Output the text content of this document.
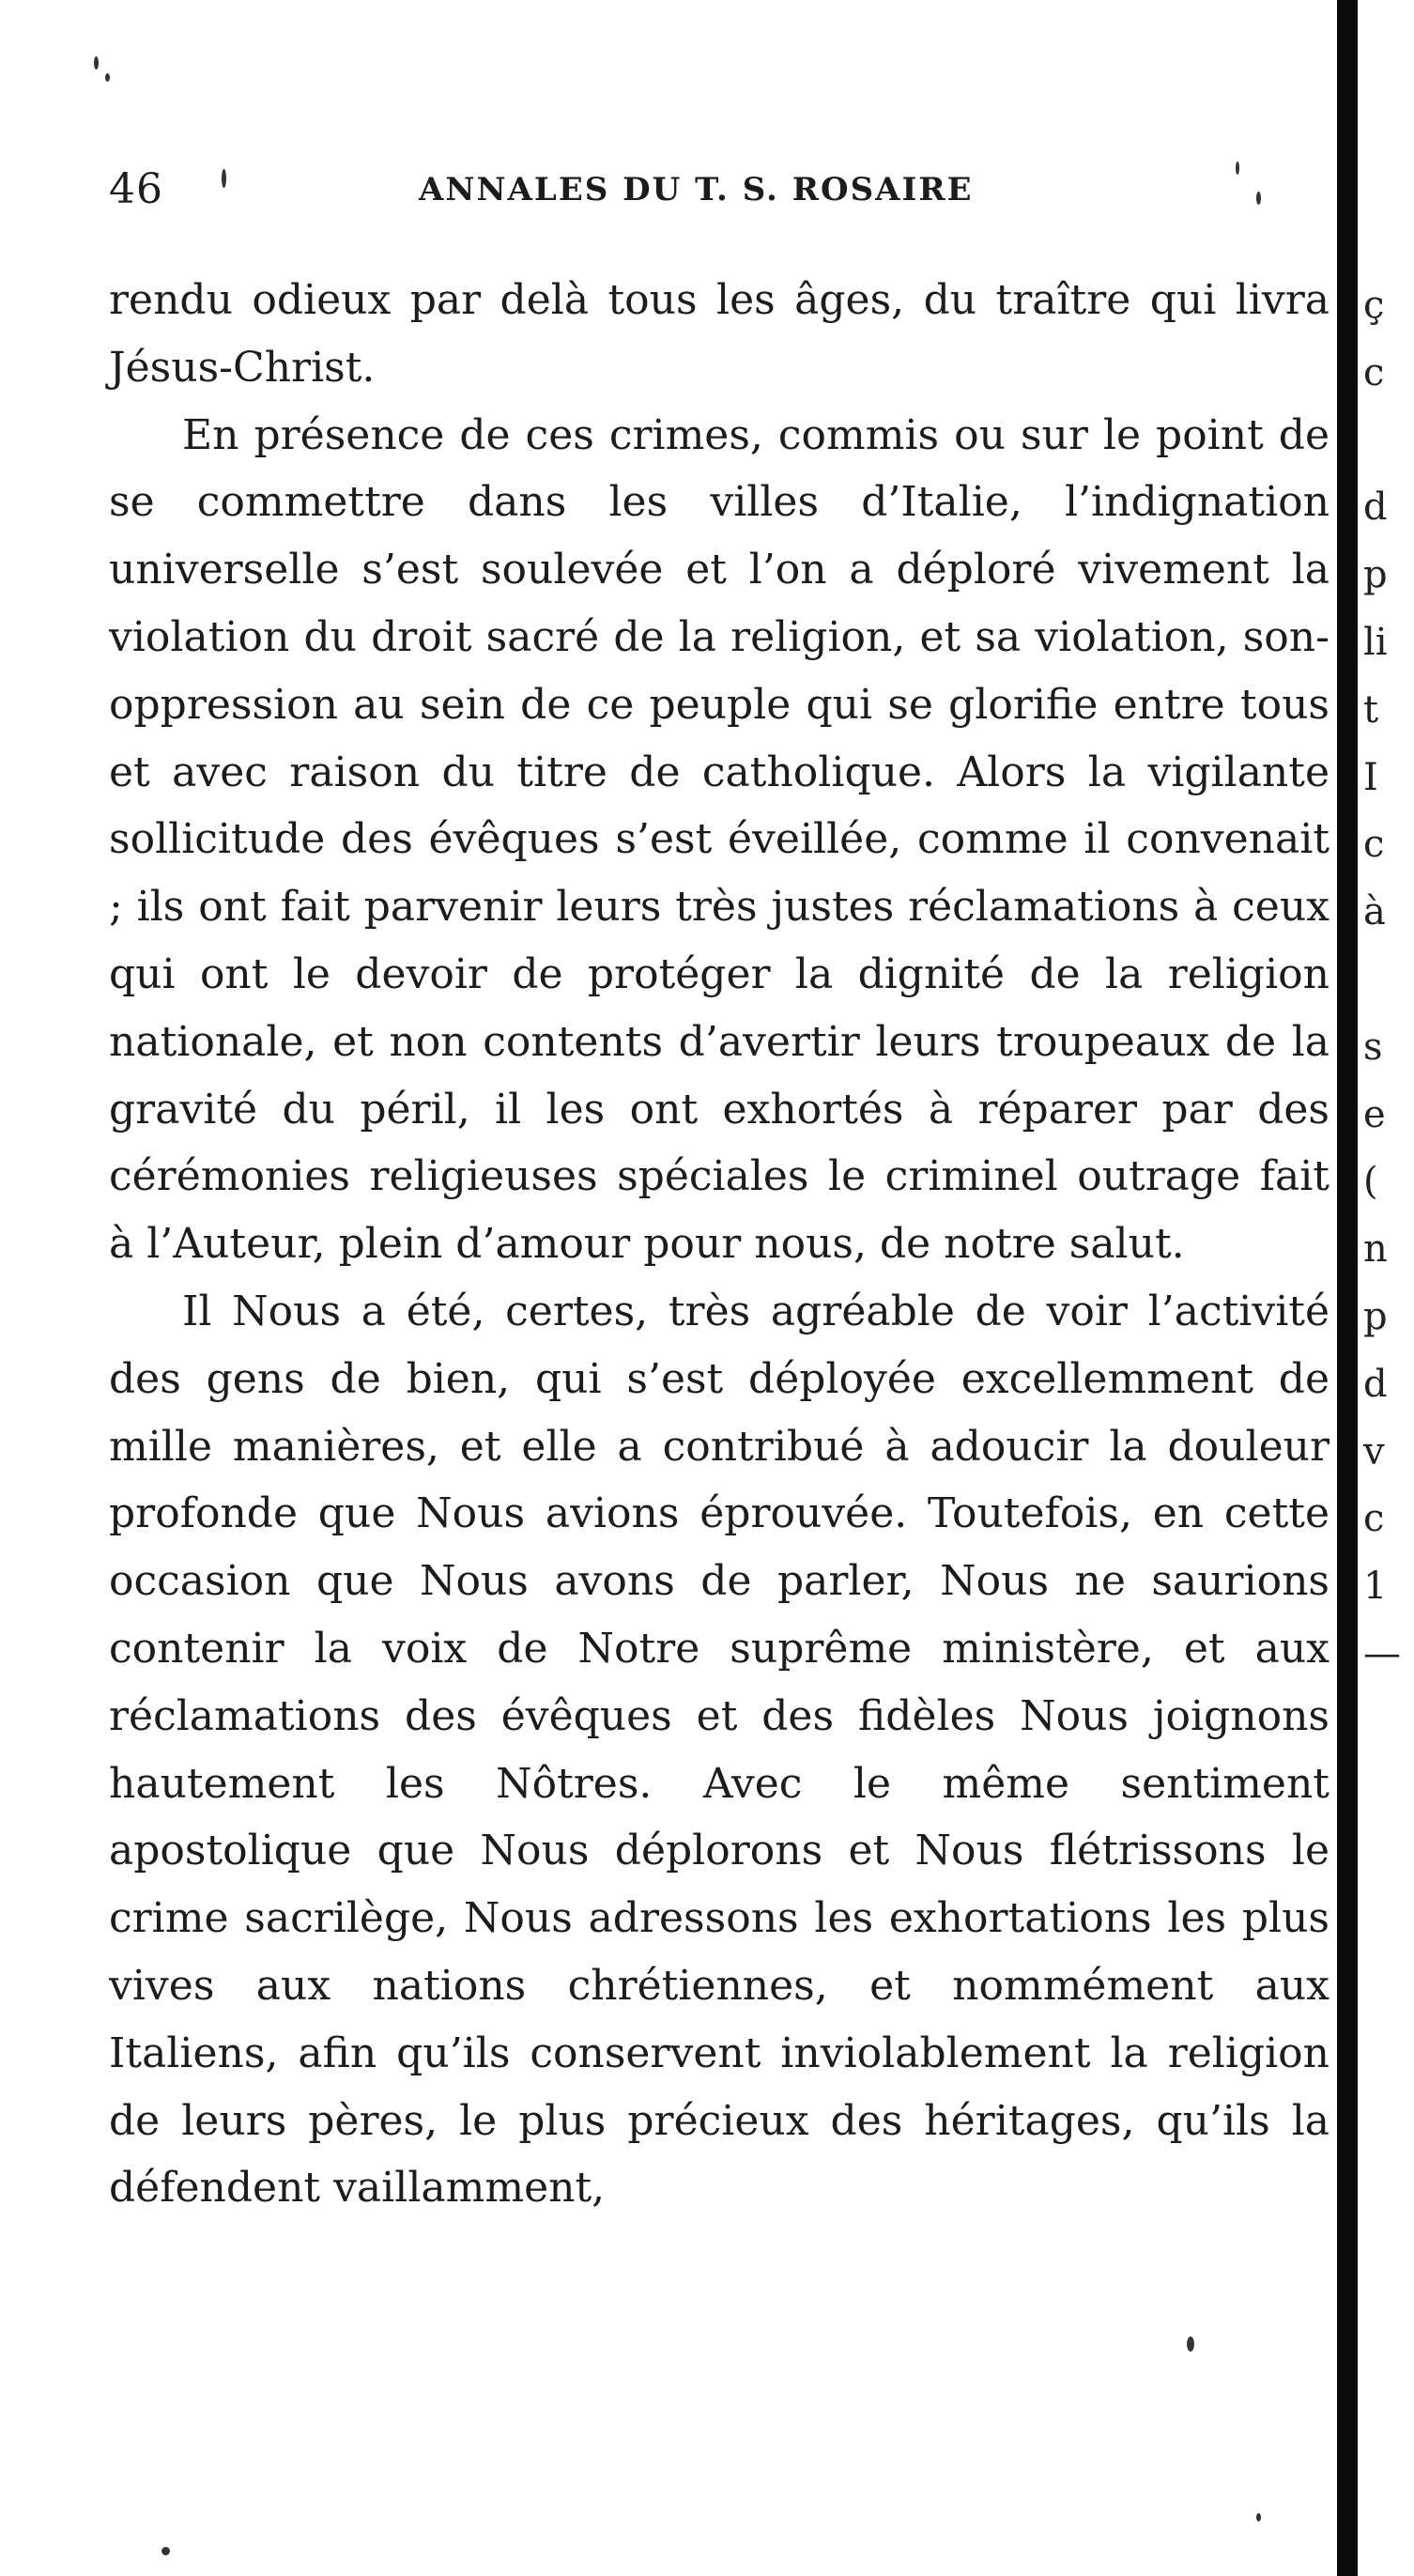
46	ANNALES DU T. S. ROSAIRE

rendu odieux par delà tous les âges, du traître qui livra Jésus-Christ.

En présence de ces crimes, commis ou sur le point de se commettre dans les villes d’Italie, l’indignation universelle s’est soulevée et l’on a déploré vivement la violation du droit sacré de la religion, et sa violation, son-oppression au sein de ce peuple qui se glorifie entre tous et avec raison du titre de catholique. Alors la vigilante sollicitude des évêques s’est éveillée, comme il convenait ; ils ont fait parvenir leurs très justes réclamations à ceux qui ont le devoir de protéger la dignité de la religion nationale, et non contents d’avertir leurs troupeaux de la gravité du péril, il les ont exhortés à réparer par des cérémonies religieuses spéciales le criminel outrage fait à l’Auteur, plein d’amour pour nous, de notre salut.

Il Nous a été, certes, très agréable de voir l’activité des gens de bien, qui s’est déployée excellemment de mille manières, et elle a contribué à adoucir la douleur profonde que Nous avions éprouvée. Toutefois, en cette occasion que Nous avons de parler, Nous ne saurions contenir la voix de Notre suprême ministère, et aux réclamations des évêques et des fidèles Nous joignons hautement les Nôtres. Avec le même sentiment apostolique que Nous déplorons et Nous flétrissons le crime sacrilège, Nous adressons les exhortations les plus vives aux nations chrétiennes, et nommément aux Italiens, afin qu’ils conservent inviolablement la religion de leurs pères, le plus précieux des héritages, qu’ils la défendent vaillamment,

ç
c
d
p
li
t
I
c
à
s
e
(
n
p
d
v
c
1
—
